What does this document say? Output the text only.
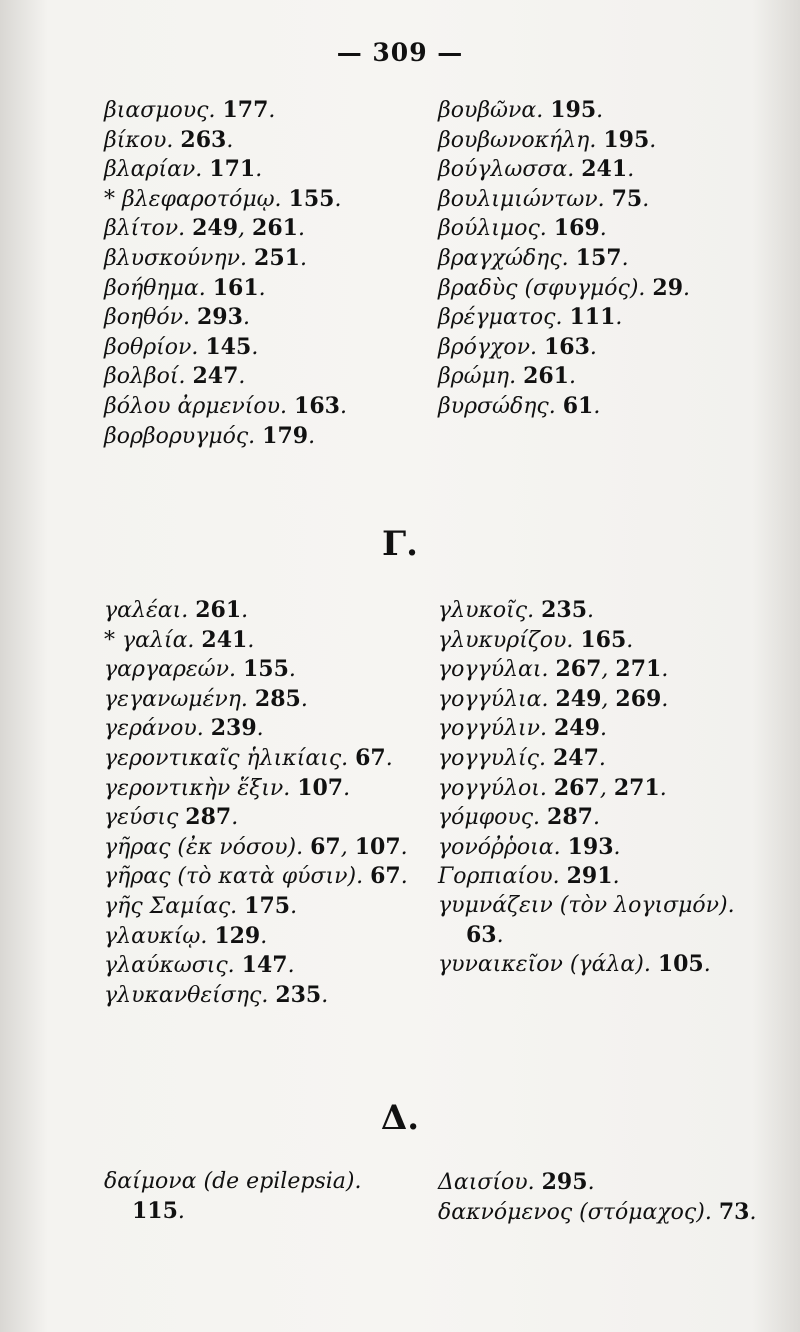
— 309 —
βιασμους. 177.
βίκου. 263.
βλαρίαν. 171.
* βλεφαροτόμῳ. 155.
βλίτον. 249, 261.
βλυσκούνην. 251.
βοήθημα. 161.
βοηθόν. 293.
βοθρίον. 145.
βολβοί. 247.
βόλου ἀρμενίου. 163.
βορβορυγμός. 179.
βουβῶνα. 195.
βουβωνοκήλη. 195.
βούγλωσσα. 241.
βουλιμιώντων. 75.
βούλιμος. 169.
βραγχώδης. 157.
βραδὺς (σφυγμός). 29.
βρέγματος. 111.
βρόγχον. 163.
βρώμη. 261.
βυρσώδης. 61.
Γ.
γαλέαι. 261.
* γαλία. 241.
γαργαρεών. 155.
γεγανωμένη. 285.
γεράνου. 239.
γεροντικαῖς ἡλικίαις. 67.
γεροντικὴν ἕξιν. 107.
γεύσις 287.
γῆρας (ἐκ νόσου). 67, 107.
γῆρας (τὸ κατὰ φύσιν). 67.
γῆς Σαμίας. 175.
γλαυκίῳ. 129.
γλαύκωσις. 147.
γλυκανθείσης. 235.
γλυκοῖς. 235.
γλυκυρίζου. 165.
γογγύλαι. 267, 271.
γογγύλια. 249, 269.
γογγύλιν. 249.
γογγυλίς. 247.
γογγύλοι. 267, 271.
γόμφους. 287.
γονόῤῥοια. 193.
Γορπιαίου. 291.
γυμνάζειν (τὸν λογισμόν).
63.
γυναικεῖον (γάλα). 105.
Δ.
δαίμονα (de epilepsia).
115.
Δαισίου. 295.
δακνόμενος (στόμαχος). 73.
